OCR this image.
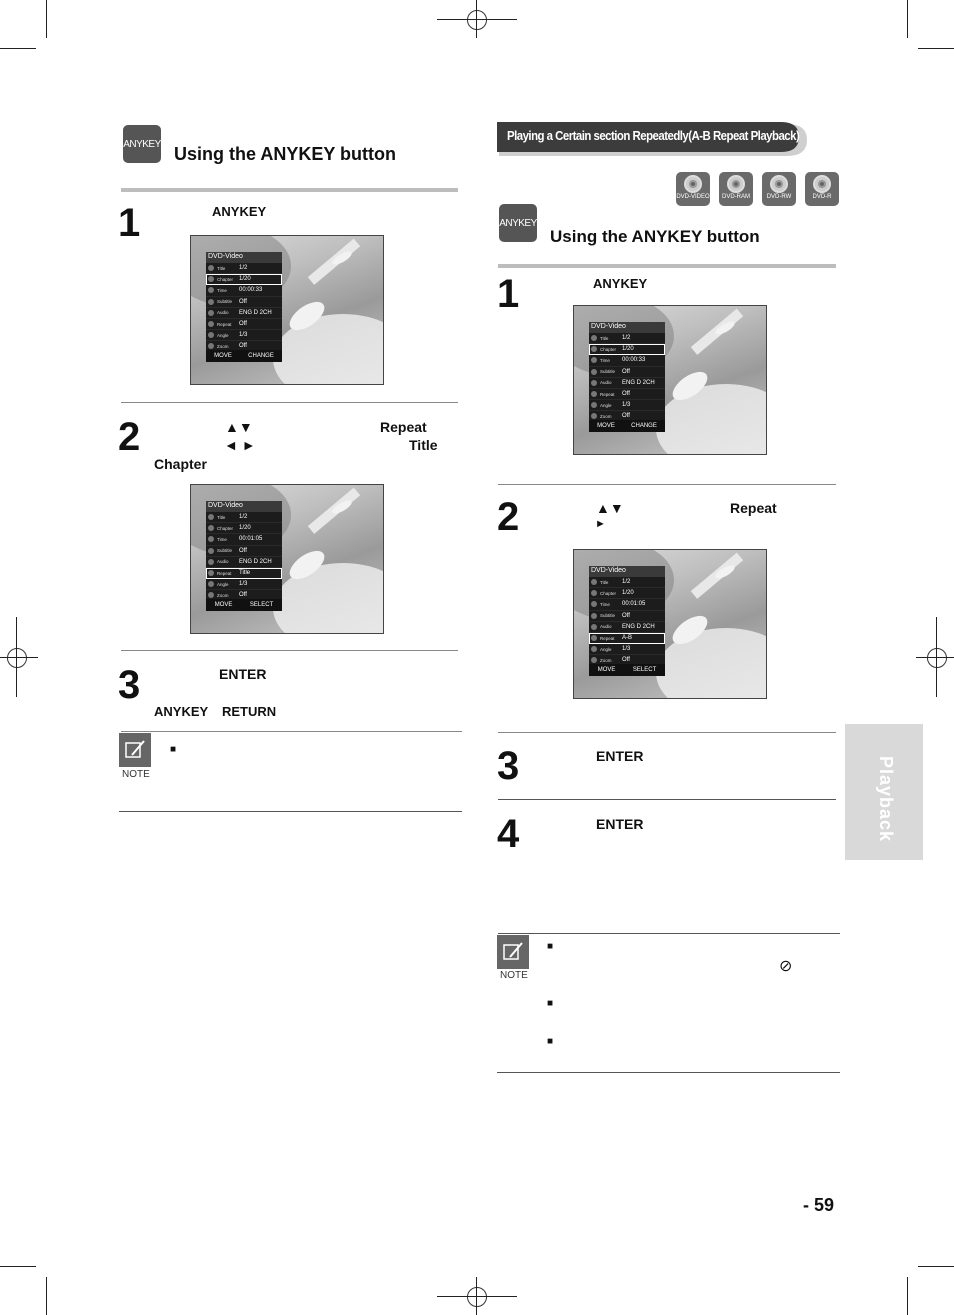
ANYKEY Using the ANYKEY button
1	ANYKEY
DVD-Video
Title	1/2
Chapter 1/20
Time	00:00:33
Subtitle	Off
Audio	ENG D 2CH
Repeat	Off
Angle	1/3
Zoom	Off
MOVE	CHANGE
2	▲▼	Repeat
◄ ►	Title
Chapter
DVD-Video
Title	1/2
Chapter 1/20
Time	00:01:05
Subtitle	Off
Audio	ENG D 2CH
Repeat	Title
Angle	1/3
Zoom	Off
MOVE	SELECT
3	ENTER
ANYKEY RETURN
NOTE
■
Playing a Certain section Repeatedly(A-B Repeat Playback)
DVD-VIDEO	DVD-RAM	DVD-RW	DVD-R
ANYKEY
Using the ANYKEY button
1	ANYKEY
DVD-Video
Title	1/2
Chapter 1/20
Time	00:00:33
Subtitle	Off
Audio	ENG D 2CH
Repeat	Off
Angle	1/3
Zoom	Off
MOVE	CHANGE
2	▲▼	Repeat
►
DVD-Video
Title	1/2
Chapter 1/20
Time	00:01:05
Subtitle	Off
Audio	ENG D 2CH
Repeat	A-B
Angle	1/3
Zoom	Off
MOVE	SELECT
3	ENTER
4	ENTER
NOTE
■
⊘
■
■
Playback
- 59
